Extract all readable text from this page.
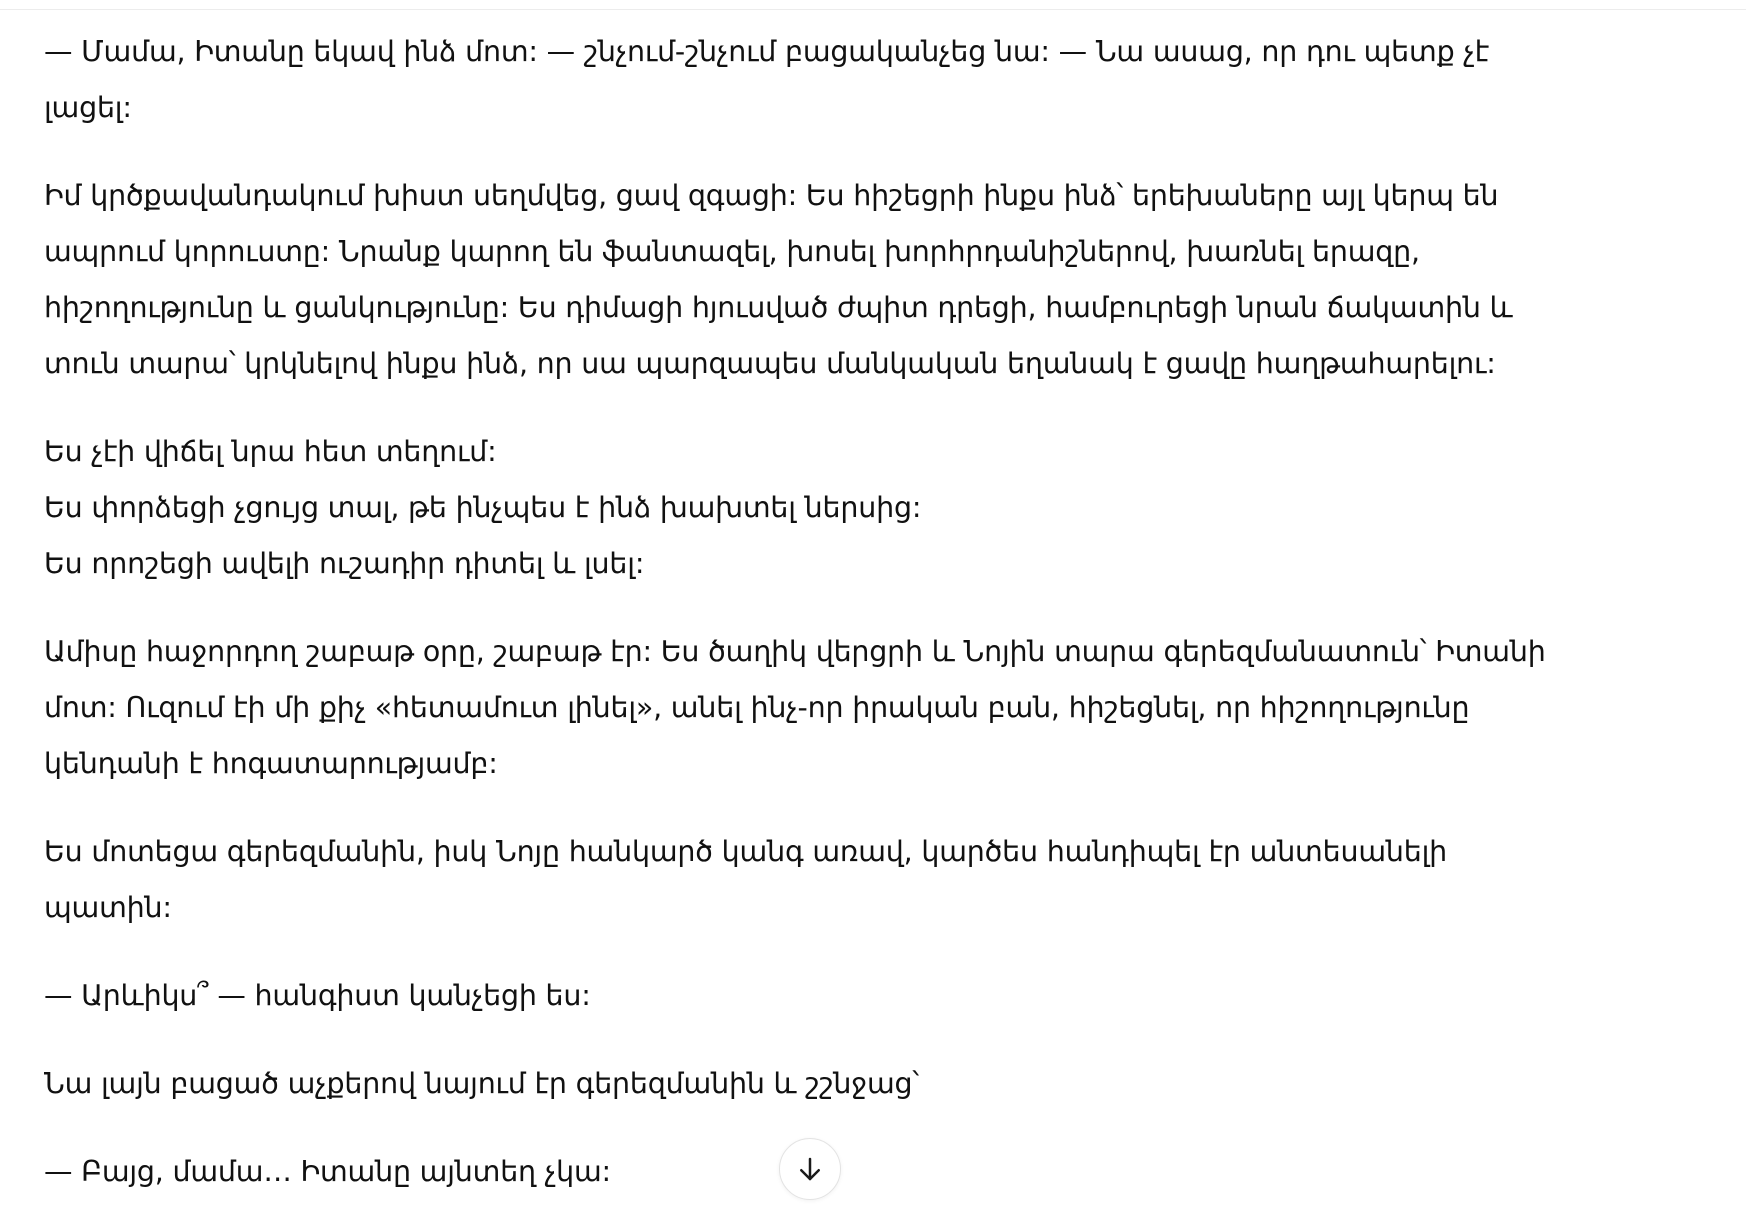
— Մամա, Իտանը եկավ ինձ մոտ: — շնչում-շնչում բացականչեց նա: — Նա ասաց, որ դու պետք չէ
լացել:

Իմ կրծքավանդակում խիստ սեղմվեց, ցավ զգացի: Ես հիշեցրի ինքս ինձ՝ երեխաները այլ կերպ են
ապրում կորուստը: Նրանք կարող են ֆանտազել, խոսել խորհրդանիշներով, խառնել երազը,
հիշողությունը և ցանկությունը: Ես դիմացի հյուսված ժպիտ դրեցի, համբուրեցի նրան ճակատին և
տուն տարա՝ կրկնելով ինքս ինձ, որ սա պարզապես մանկական եղանակ է ցավը հաղթահարելու:

Ես չէի վիճել նրա հետ տեղում:
Ես փորձեցի չցույց տալ, թե ինչպես է ինձ խախտել ներսից:
Ես որոշեցի ավելի ուշադիր դիտել և լսել:

Ամիսը հաջորդող շաբաթ օրը, շաբաթ էր: Ես ծաղիկ վերցրի և Նոյին տարա գերեզմանատուն՝ Իտանի
մոտ: Ուզում էի մի քիչ «հետամուտ լինել», անել ինչ-որ իրական բան, հիշեցնել, որ հիշողությունը
կենդանի է հոգատարությամբ:

Ես մոտեցա գերեզմանին, իսկ Նոյը հանկարծ կանգ առավ, կարծես հանդիպել էր անտեսանելի
պատին:

— Արևիկս՞ — հանգիստ կանչեցի ես:

Նա լայն բացած աչքերով նայում էր գերեզմանին և շշնջաց՝

— Բայց, մամա… Իտանը այնտեղ չկա:
